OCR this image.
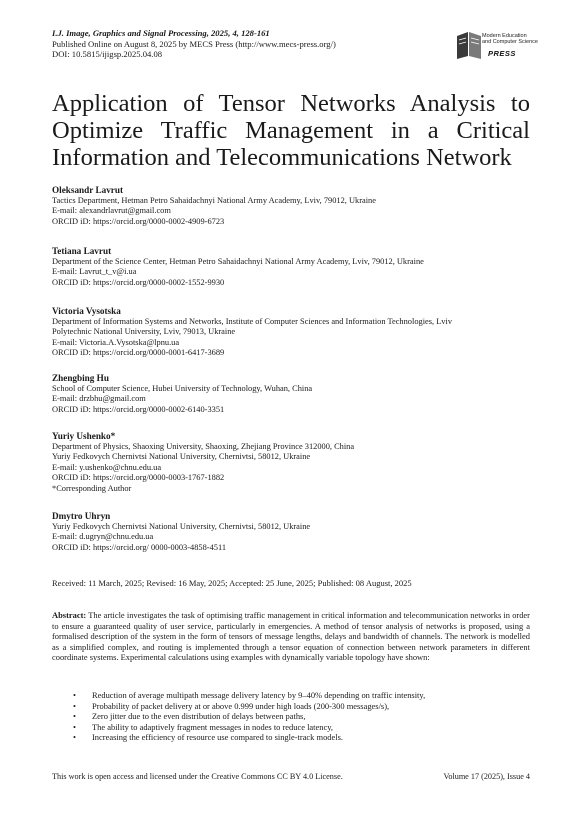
I.J. Image, Graphics and Signal Processing, 2025, 4, 128-161
Published Online on August 8, 2025 by MECS Press (http://www.mecs-press.org/)
DOI: 10.5815/ijigsp.2025.04.08
Modern Education
and Computer Science
PRESS
Application of Tensor Networks Analysis to Optimize Traffic Management in a Critical Information and Telecommunications Network
Oleksandr Lavrut
Tactics Department, Hetman Petro Sahaidachnyi National Army Academy, Lviv, 79012, Ukraine
E-mail: alexandrlavrut@gmail.com
ORCID iD: https://orcid.org/0000-0002-4909-6723
Tetiana Lavrut
Department of the Science Center, Hetman Petro Sahaidachnyi National Army Academy, Lviv, 79012, Ukraine
E-mail: Lavrut_t_v@i.ua
ORCID iD: https://orcid.org/0000-0002-1552-9930
Victoria Vysotska
Department of Information Systems and Networks, Institute of Computer Sciences and Information Technologies, Lviv
Polytechnic National University, Lviv, 79013, Ukraine
E-mail: Victoria.A.Vysotska@lpnu.ua
ORCID iD: https://orcid.org/0000-0001-6417-3689
Zhengbing Hu
School of Computer Science, Hubei University of Technology, Wuhan, China
E-mail: drzbhu@gmail.com
ORCID iD: https://orcid.org/0000-0002-6140-3351
Yuriy Ushenko*
Department of Physics, Shaoxing University, Shaoxing, Zhejiang Province 312000, China
Yuriy Fedkovych Chernivtsi National University, Chernivtsi, 58012, Ukraine
E-mail: y.ushenko@chnu.edu.ua
ORCID iD: https://orcid.org/0000-0003-1767-1882
*Corresponding Author
Dmytro Uhryn
Yuriy Fedkovych Chernivtsi National University, Chernivtsi, 58012, Ukraine
E-mail: d.ugryn@chnu.edu.ua
ORCID iD: https://orcid.org/ 0000-0003-4858-4511
Received: 11 March, 2025; Revised: 16 May, 2025; Accepted: 25 June, 2025; Published: 08 August, 2025
Abstract: The article investigates the task of optimising traffic management in critical information and telecommunication networks in order to ensure a guaranteed quality of user service, particularly in emergencies. A method of tensor analysis of networks is proposed, using a formalised description of the system in the form of tensors of message lengths, delays and bandwidth of channels. The network is modelled as a simplified complex, and routing is implemented through a tensor equation of connection between network parameters in different coordinate systems. Experimental calculations using examples with dynamically variable topology have shown:
• Reduction of average multipath message delivery latency by 9–40% depending on traffic intensity,
• Probability of packet delivery at or above 0.999 under high loads (200-300 messages/s),
• Zero jitter due to the even distribution of delays between paths,
• The ability to adaptively fragment messages in nodes to reduce latency,
• Increasing the efficiency of resource use compared to single-track models.
This work is open access and licensed under the Creative Commons CC BY 4.0 License.	Volume 17 (2025), Issue 4
